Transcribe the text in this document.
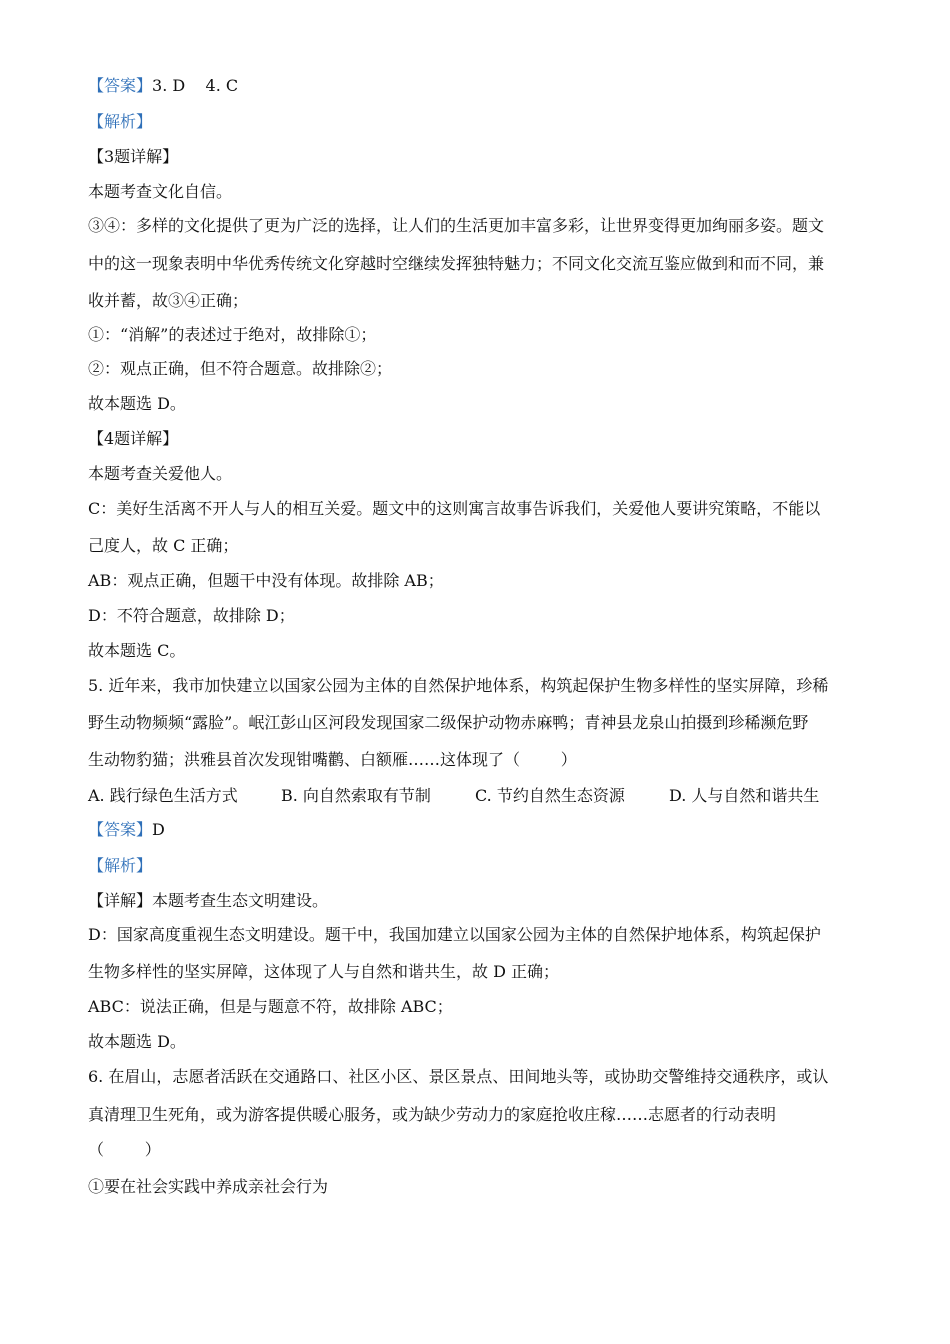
【答案】3. D    4. C
【解析】
【3题详解】
本题考查文化自信。
③④：多样的文化提供了更为广泛的选择，让人们的生活更加丰富多彩，让世界变得更加绚丽多姿。题文
中的这一现象表明中华优秀传统文化穿越时空继续发挥独特魅力；不同文化交流互鉴应做到和而不同，兼
收并蓄，故③④正确；
①：“消解”的表述过于绝对，故排除①；
②：观点正确，但不符合题意。故排除②；
故本题选 D。
【4题详解】
本题考查关爱他人。
C：美好生活离不开人与人的相互关爱。题文中的这则寓言故事告诉我们，关爱他人要讲究策略，不能以
己度人，故 C 正确；
AB：观点正确，但题干中没有体现。故排除 AB；
D：不符合题意，故排除 D；
故本题选 C。
5. 近年来，我市加快建立以国家公园为主体的自然保护地体系，构筑起保护生物多样性的坚实屏障，珍稀
野生动物频频“露脸”。岷江彭山区河段发现国家二级保护动物赤麻鸭；青神县龙泉山拍摄到珍稀濒危野
生动物豹猫；洪雅县首次发现钳嘴鹳、白额雁……这体现了（        ）
A. 践行绿色生活方式	B. 向自然索取有节制	C. 节约自然生态资源	D. 人与自然和谐共生
【答案】D
【解析】
【详解】本题考查生态文明建设。
D：国家高度重视生态文明建设。题干中，我国加建立以国家公园为主体的自然保护地体系，构筑起保护
生物多样性的坚实屏障，这体现了人与自然和谐共生，故 D 正确；
ABC：说法正确，但是与题意不符，故排除 ABC；
故本题选 D。
6. 在眉山，志愿者活跃在交通路口、社区小区、景区景点、田间地头等，或协助交警维持交通秩序，或认
真清理卫生死角，或为游客提供暖心服务，或为缺少劳动力的家庭抢收庄稼……志愿者的行动表明
（        ）
①要在社会实践中养成亲社会行为
